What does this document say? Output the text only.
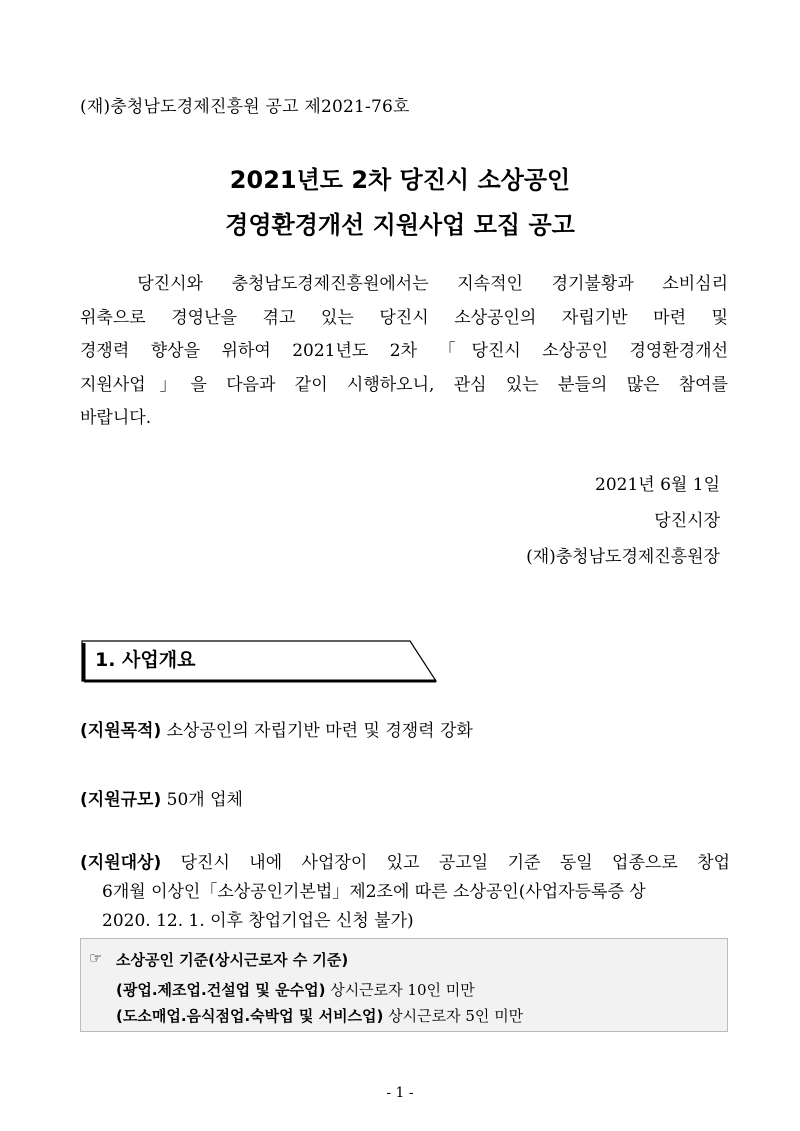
(재)충청남도경제진흥원 공고 제2021-76호
2021년도 2차 당진시 소상공인
경영환경개선 지원사업 모집 공고
당진시와 충청남도경제진흥원에서는 지속적인 경기불황과 소비심리
위축으로 경영난을 겪고 있는 당진시 소상공인의 자립기반 마련 및
경쟁력 향상을 위하여 2021년도 2차 「당진시 소상공인 경영환경개선
지원사업」을 다음과 같이 시행하오니, 관심 있는 분들의 많은 참여를
바랍니다.
2021년 6월 1일
당진시장
(재)충청남도경제진흥원장
1. 사업개요
(지원목적) 소상공인의 자립기반 마련 및 경쟁력 강화
(지원규모) 50개 업체
(지원대상) 당진시 내에 사업장이 있고 공고일 기준 동일 업종으로 창업
6개월 이상인「소상공인기본법」제2조에 따른 소상공인(사업자등록증 상
2020. 12. 1. 이후 창업기업은 신청 불가)
☞ 소상공인 기준(상시근로자 수 기준)
(광업.제조업.건설업 및 운수업) 상시근로자 10인 미만
(도소매업.음식점업.숙박업 및 서비스업) 상시근로자 5인 미만
- 1 -
